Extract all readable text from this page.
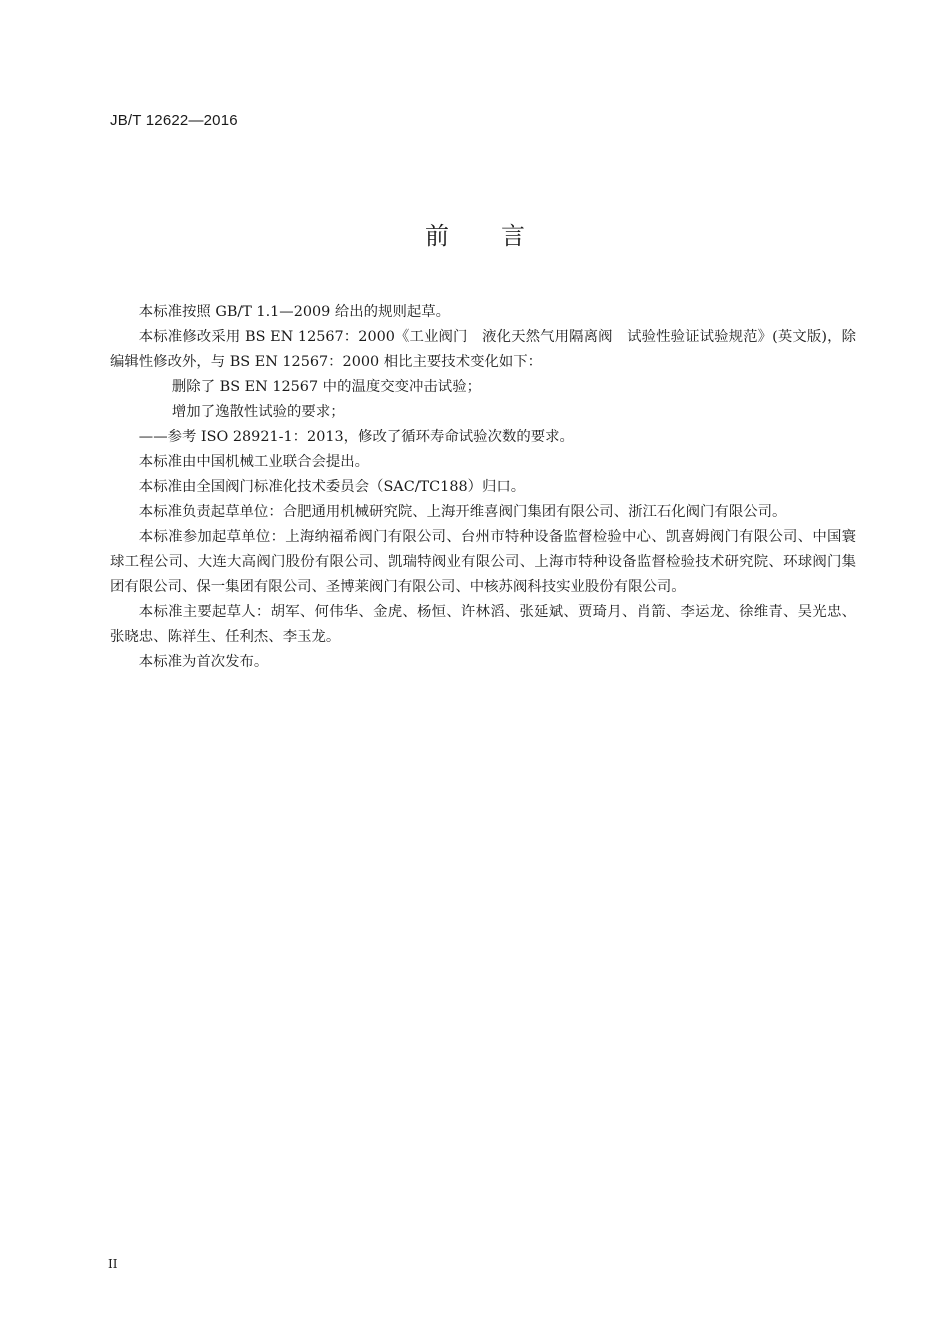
JB/T 12622—2016
前言

本标准按照 GB/T 1.1—2009 给出的规则起草。

本标准修改采用 BS EN 12567：2000《工业阀门　液化天然气用隔离阀　试验性验证试验规范》(英文版)，除编辑性修改外，与 BS EN 12567：2000 相比主要技术变化如下：

删除了 BS EN 12567 中的温度交变冲击试验；

增加了逸散性试验的要求；

——参考 ISO 28921-1：2013，修改了循环寿命试验次数的要求。

本标准由中国机械工业联合会提出。

本标准由全国阀门标准化技术委员会（SAC/TC188）归口。

本标准负责起草单位：合肥通用机械研究院、上海开维喜阀门集团有限公司、浙江石化阀门有限公司。

本标准参加起草单位：上海纳福希阀门有限公司、台州市特种设备监督检验中心、凯喜姆阀门有限公司、中国寰球工程公司、大连大高阀门股份有限公司、凯瑞特阀业有限公司、上海市特种设备监督检验技术研究院、环球阀门集团有限公司、保一集团有限公司、圣博莱阀门有限公司、中核苏阀科技实业股份有限公司。

本标准主要起草人：胡军、何伟华、金虎、杨恒、许林滔、张延斌、贾琦月、肖箭、李运龙、徐维青、吴光忠、张晓忠、陈祥生、任利杰、李玉龙。

本标准为首次发布。

II
